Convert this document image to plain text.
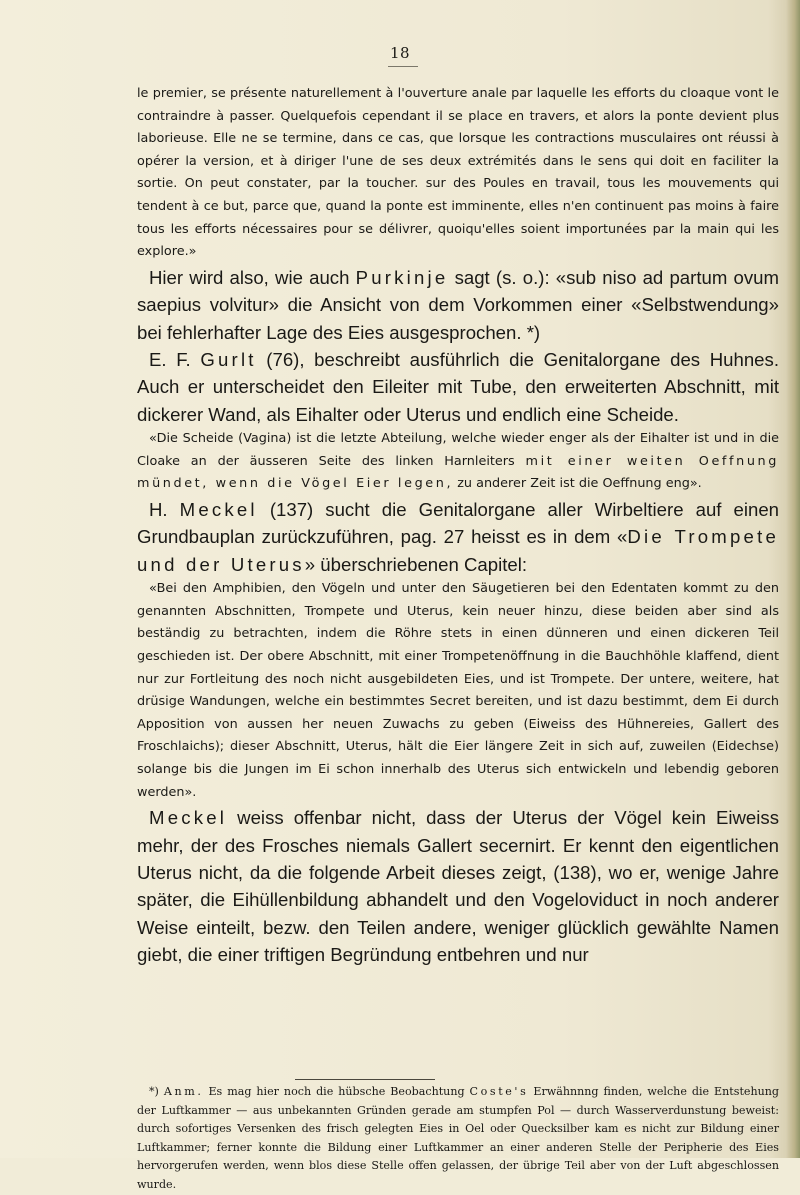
18

le premier, se présente naturellement à l'ouverture anale par laquelle les efforts du cloaque vont le contraindre à passer. Quelquefois cependant il se place en travers, et alors la ponte devient plus laborieuse. Elle ne se termine, dans ce cas, que lorsque les contractions musculaires ont réussi à opérer la version, et à diriger l'une de ses deux extrémités dans le sens qui doit en faciliter la sortie. On peut constater, par la toucher. sur des Poules en travail, tous les mouvements qui tendent à ce but, parce que, quand la ponte est imminente, elles n'en continuent pas moins à faire tous les efforts nécessaires pour se délivrer, quoiqu'elles soient importunées par la main qui les explore.»

Hier wird also, wie auch Purkinje sagt (s. o.): «sub niso ad partum ovum saepius volvitur» die Ansicht von dem Vorkommen einer «Selbstwendung» bei fehlerhafter Lage des Eies ausgesprochen. *)

E. F. Gurlt (76), beschreibt ausführlich die Genitalorgane des Huhnes. Auch er unterscheidet den Eileiter mit Tube, den erweiterten Abschnitt, mit dickerer Wand, als Eihalter oder Uterus und endlich eine Scheide.

«Die Scheide (Vagina) ist die letzte Abteilung, welche wieder enger als der Eihalter ist und in die Cloake an der äusseren Seite des linken Harnleiters mit einer weiten Oeffnung mündet, wenn die Vögel Eier legen, zu anderer Zeit ist die Oeffnung eng».

H. Meckel (137) sucht die Genitalorgane aller Wirbeltiere auf einen Grundbauplan zurückzuführen, pag. 27 heisst es in dem «Die Trompete und der Uterus» überschriebenen Capitel:

«Bei den Amphibien, den Vögeln und unter den Säugetieren bei den Edentaten kommt zu den genannten Abschnitten, Trompete und Uterus, kein neuer hinzu, diese beiden aber sind als beständig zu betrachten, indem die Röhre stets in einen dünneren und einen dickeren Teil geschieden ist. Der obere Abschnitt, mit einer Trompetenöffnung in die Bauchhöhle klaffend, dient nur zur Fortleitung des noch nicht ausgebildeten Eies, und ist Trompete. Der untere, weitere, hat drüsige Wandungen, welche ein bestimmtes Secret bereiten, und ist dazu bestimmt, dem Ei durch Apposition von aussen her neuen Zuwachs zu geben (Eiweiss des Hühnereies, Gallert des Froschlaichs); dieser Abschnitt, Uterus, hält die Eier längere Zeit in sich auf, zuweilen (Eidechse) solange bis die Jungen im Ei schon innerhalb des Uterus sich entwickeln und lebendig geboren werden».

Meckel weiss offenbar nicht, dass der Uterus der Vögel kein Eiweiss mehr, der des Frosches niemals Gallert secernirt. Er kennt den eigentlichen Uterus nicht, da die folgende Arbeit dieses zeigt, (138), wo er, wenige Jahre später, die Eihüllenbildung abhandelt und den Vogeloviduct in noch anderer Weise einteilt, bezw. den Teilen andere, weniger glücklich gewählte Namen giebt, die einer triftigen Begründung entbehren und nur

*) Anm. Es mag hier noch die hübsche Beobachtung Coste's Erwähnnng finden, welche die Entstehung der Luftkammer — aus unbekannten Gründen gerade am stumpfen Pol — durch Wasserverdunstung beweist: durch sofortiges Versenken des frisch gelegten Eies in Oel oder Quecksilber kam es nicht zur Bildung einer Luftkammer; ferner konnte die Bildung einer Luftkammer an einer anderen Stelle der Peripherie des Eies hervorgerufen werden, wenn blos diese Stelle offen gelassen, der übrige Teil aber von der Luft abgeschlossen wurde.
